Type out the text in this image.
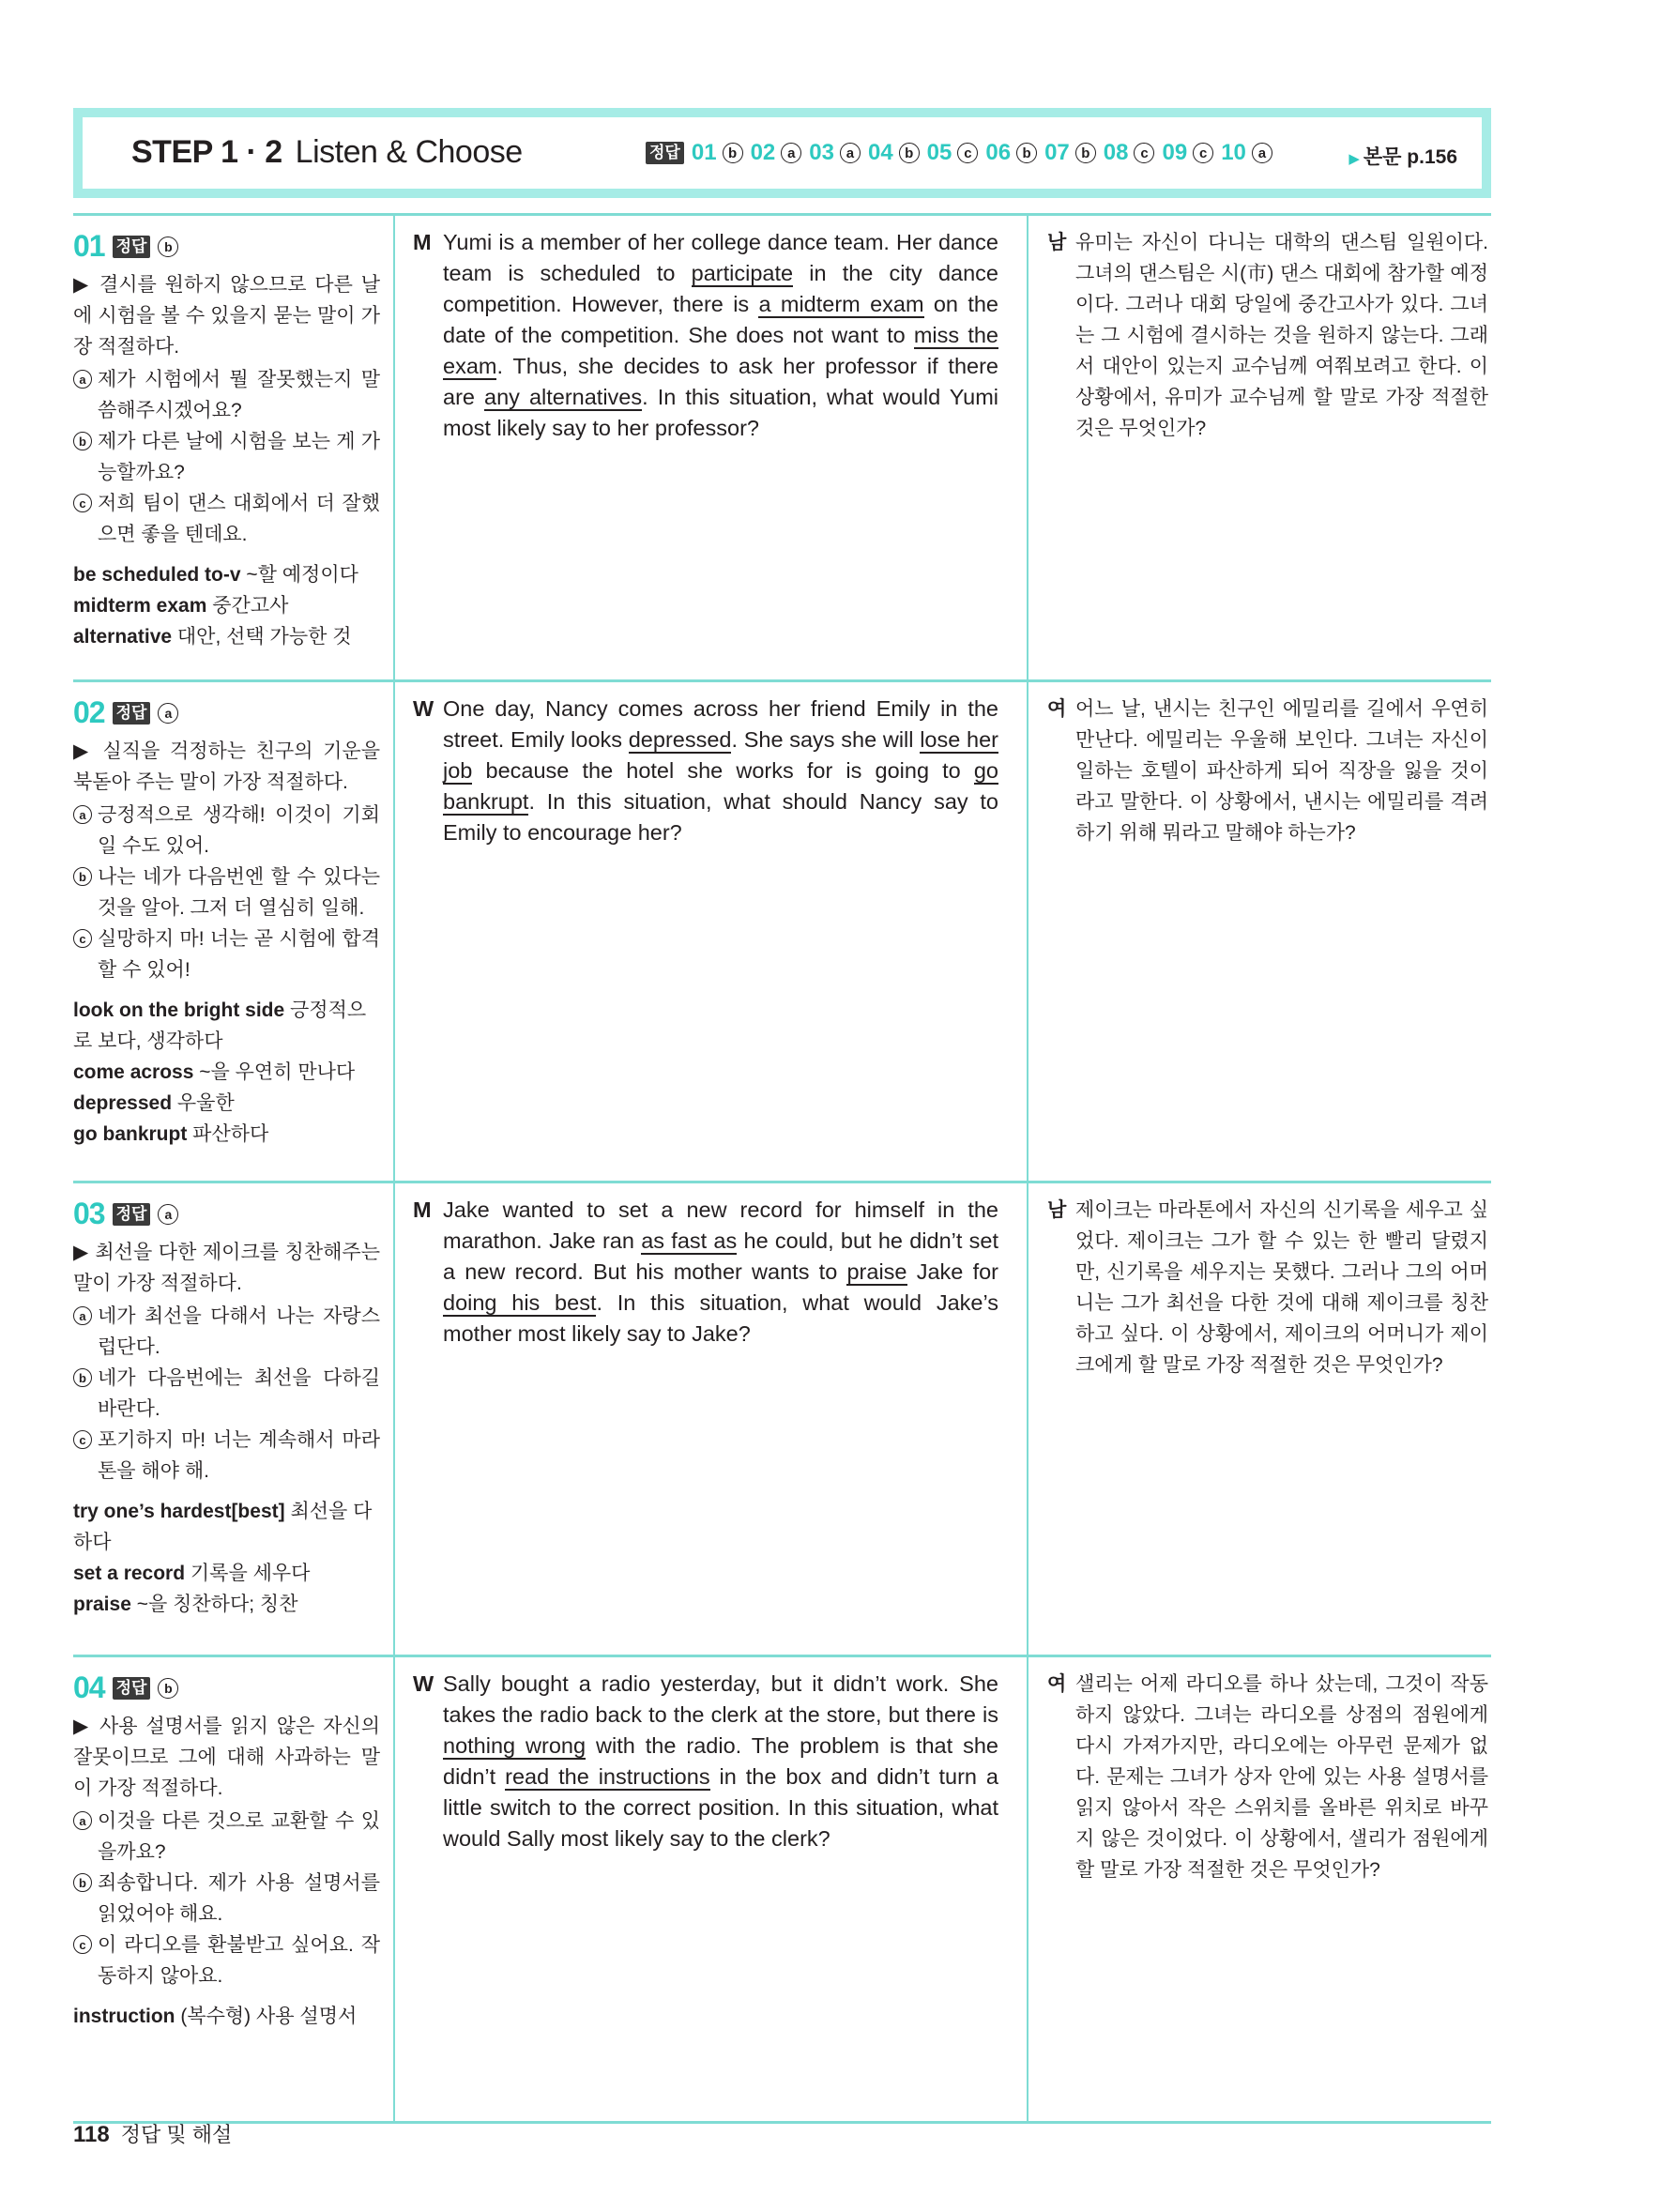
STEP 1 · 2 Listen & Choose	정답 01 b 02 a 03 a 04 b 05 c 06 b 07 b 08 c 09 c 10 a	▶ 본문 p.156
01 정답	b
▶ 결시를 원하지 않으므로 다른 날에 시험을 볼 수 있을지 묻는 말이 가장 적절하다.
a 제가 시험에서 뭘 잘못했는지 말씀해주시겠어요?
b 제가 다른 날에 시험을 보는 게 가능할까요?
c 저희 팀이 댄스 대회에서 더 잘했으면 좋을 텐데요.
be scheduled to-v ~할 예정이다
midterm exam 중간고사
alternative 대안, 선택 가능한 것
M Yumi is a member of her college dance team. Her dance team is scheduled to participate in the city dance competition. However, there is a midterm exam on the date of the competition. She does not want to miss the exam. Thus, she decides to ask her professor if there are any alternatives. In this situation, what would Yumi most likely say to her professor?
남 유미는 자신이 다니는 대학의 댄스팀 일원이다. 그녀의 댄스팀은 시(市) 댄스 대회에 참가할 예정이다. 그러나 대회 당일에 중간고사가 있다. 그녀는 그 시험에 결시하는 것을 원하지 않는다. 그래서 대안이 있는지 교수님께 여쭤보려고 한다. 이 상황에서, 유미가 교수님께 할 말로 가장 적절한 것은 무엇인가?
02 정답	a
▶ 실직을 걱정하는 친구의 기운을 북돋아 주는 말이 가장 적절하다.
a 긍정적으로 생각해! 이것이 기회일 수도 있어.
b 나는 네가 다음번엔 할 수 있다는 것을 알아. 그저 더 열심히 일해.
c 실망하지 마! 너는 곧 시험에 합격할 수 있어!
look on the bright side 긍정적으로 보다, 생각하다
come across ~을 우연히 만나다
depressed 우울한
go bankrupt 파산하다
W One day, Nancy comes across her friend Emily in the street. Emily looks depressed. She says she will lose her job because the hotel she works for is going to go bankrupt. In this situation, what should Nancy say to Emily to encourage her?
여 어느 날, 낸시는 친구인 에밀리를 길에서 우연히 만난다. 에밀리는 우울해 보인다. 그녀는 자신이 일하는 호텔이 파산하게 되어 직장을 잃을 것이라고 말한다. 이 상황에서, 낸시는 에밀리를 격려하기 위해 뭐라고 말해야 하는가?
03 정답	a
▶ 최선을 다한 제이크를 칭찬해주는 말이 가장 적절하다.
a 네가 최선을 다해서 나는 자랑스럽단다.
b 네가 다음번에는 최선을 다하길 바란다.
c 포기하지 마! 너는 계속해서 마라톤을 해야 해.
try one’s hardest[best] 최선을 다하다
set a record 기록을 세우다
praise ~을 칭찬하다; 칭찬
M Jake wanted to set a new record for himself in the marathon. Jake ran as fast as he could, but he didn’t set a new record. But his mother wants to praise Jake for doing his best. In this situation, what would Jake’s mother most likely say to Jake?
남 제이크는 마라톤에서 자신의 신기록을 세우고 싶었다. 제이크는 그가 할 수 있는 한 빨리 달렸지만, 신기록을 세우지는 못했다. 그러나 그의 어머니는 그가 최선을 다한 것에 대해 제이크를 칭찬하고 싶다. 이 상황에서, 제이크의 어머니가 제이크에게 할 말로 가장 적절한 것은 무엇인가?
04 정답	b
▶ 사용 설명서를 읽지 않은 자신의 잘못이므로 그에 대해 사과하는 말이 가장 적절하다.
a 이것을 다른 것으로 교환할 수 있을까요?
b 죄송합니다. 제가 사용 설명서를 읽었어야 해요.
c 이 라디오를 환불받고 싶어요. 작동하지 않아요.
instruction (복수형) 사용 설명서
W Sally bought a radio yesterday, but it didn’t work. She takes the radio back to the clerk at the store, but there is nothing wrong with the radio. The problem is that she didn’t read the instructions in the box and didn’t turn a little switch to the correct position. In this situation, what would Sally most likely say to the clerk?
여 샐리는 어제 라디오를 하나 샀는데, 그것이 작동하지 않았다. 그녀는 라디오를 상점의 점원에게 다시 가져가지만, 라디오에는 아무런 문제가 없다. 문제는 그녀가 상자 안에 있는 사용 설명서를 읽지 않아서 작은 스위치를 올바른 위치로 바꾸지 않은 것이었다. 이 상황에서, 샐리가 점원에게 할 말로 가장 적절한 것은 무엇인가?
118 정답 및 해설
